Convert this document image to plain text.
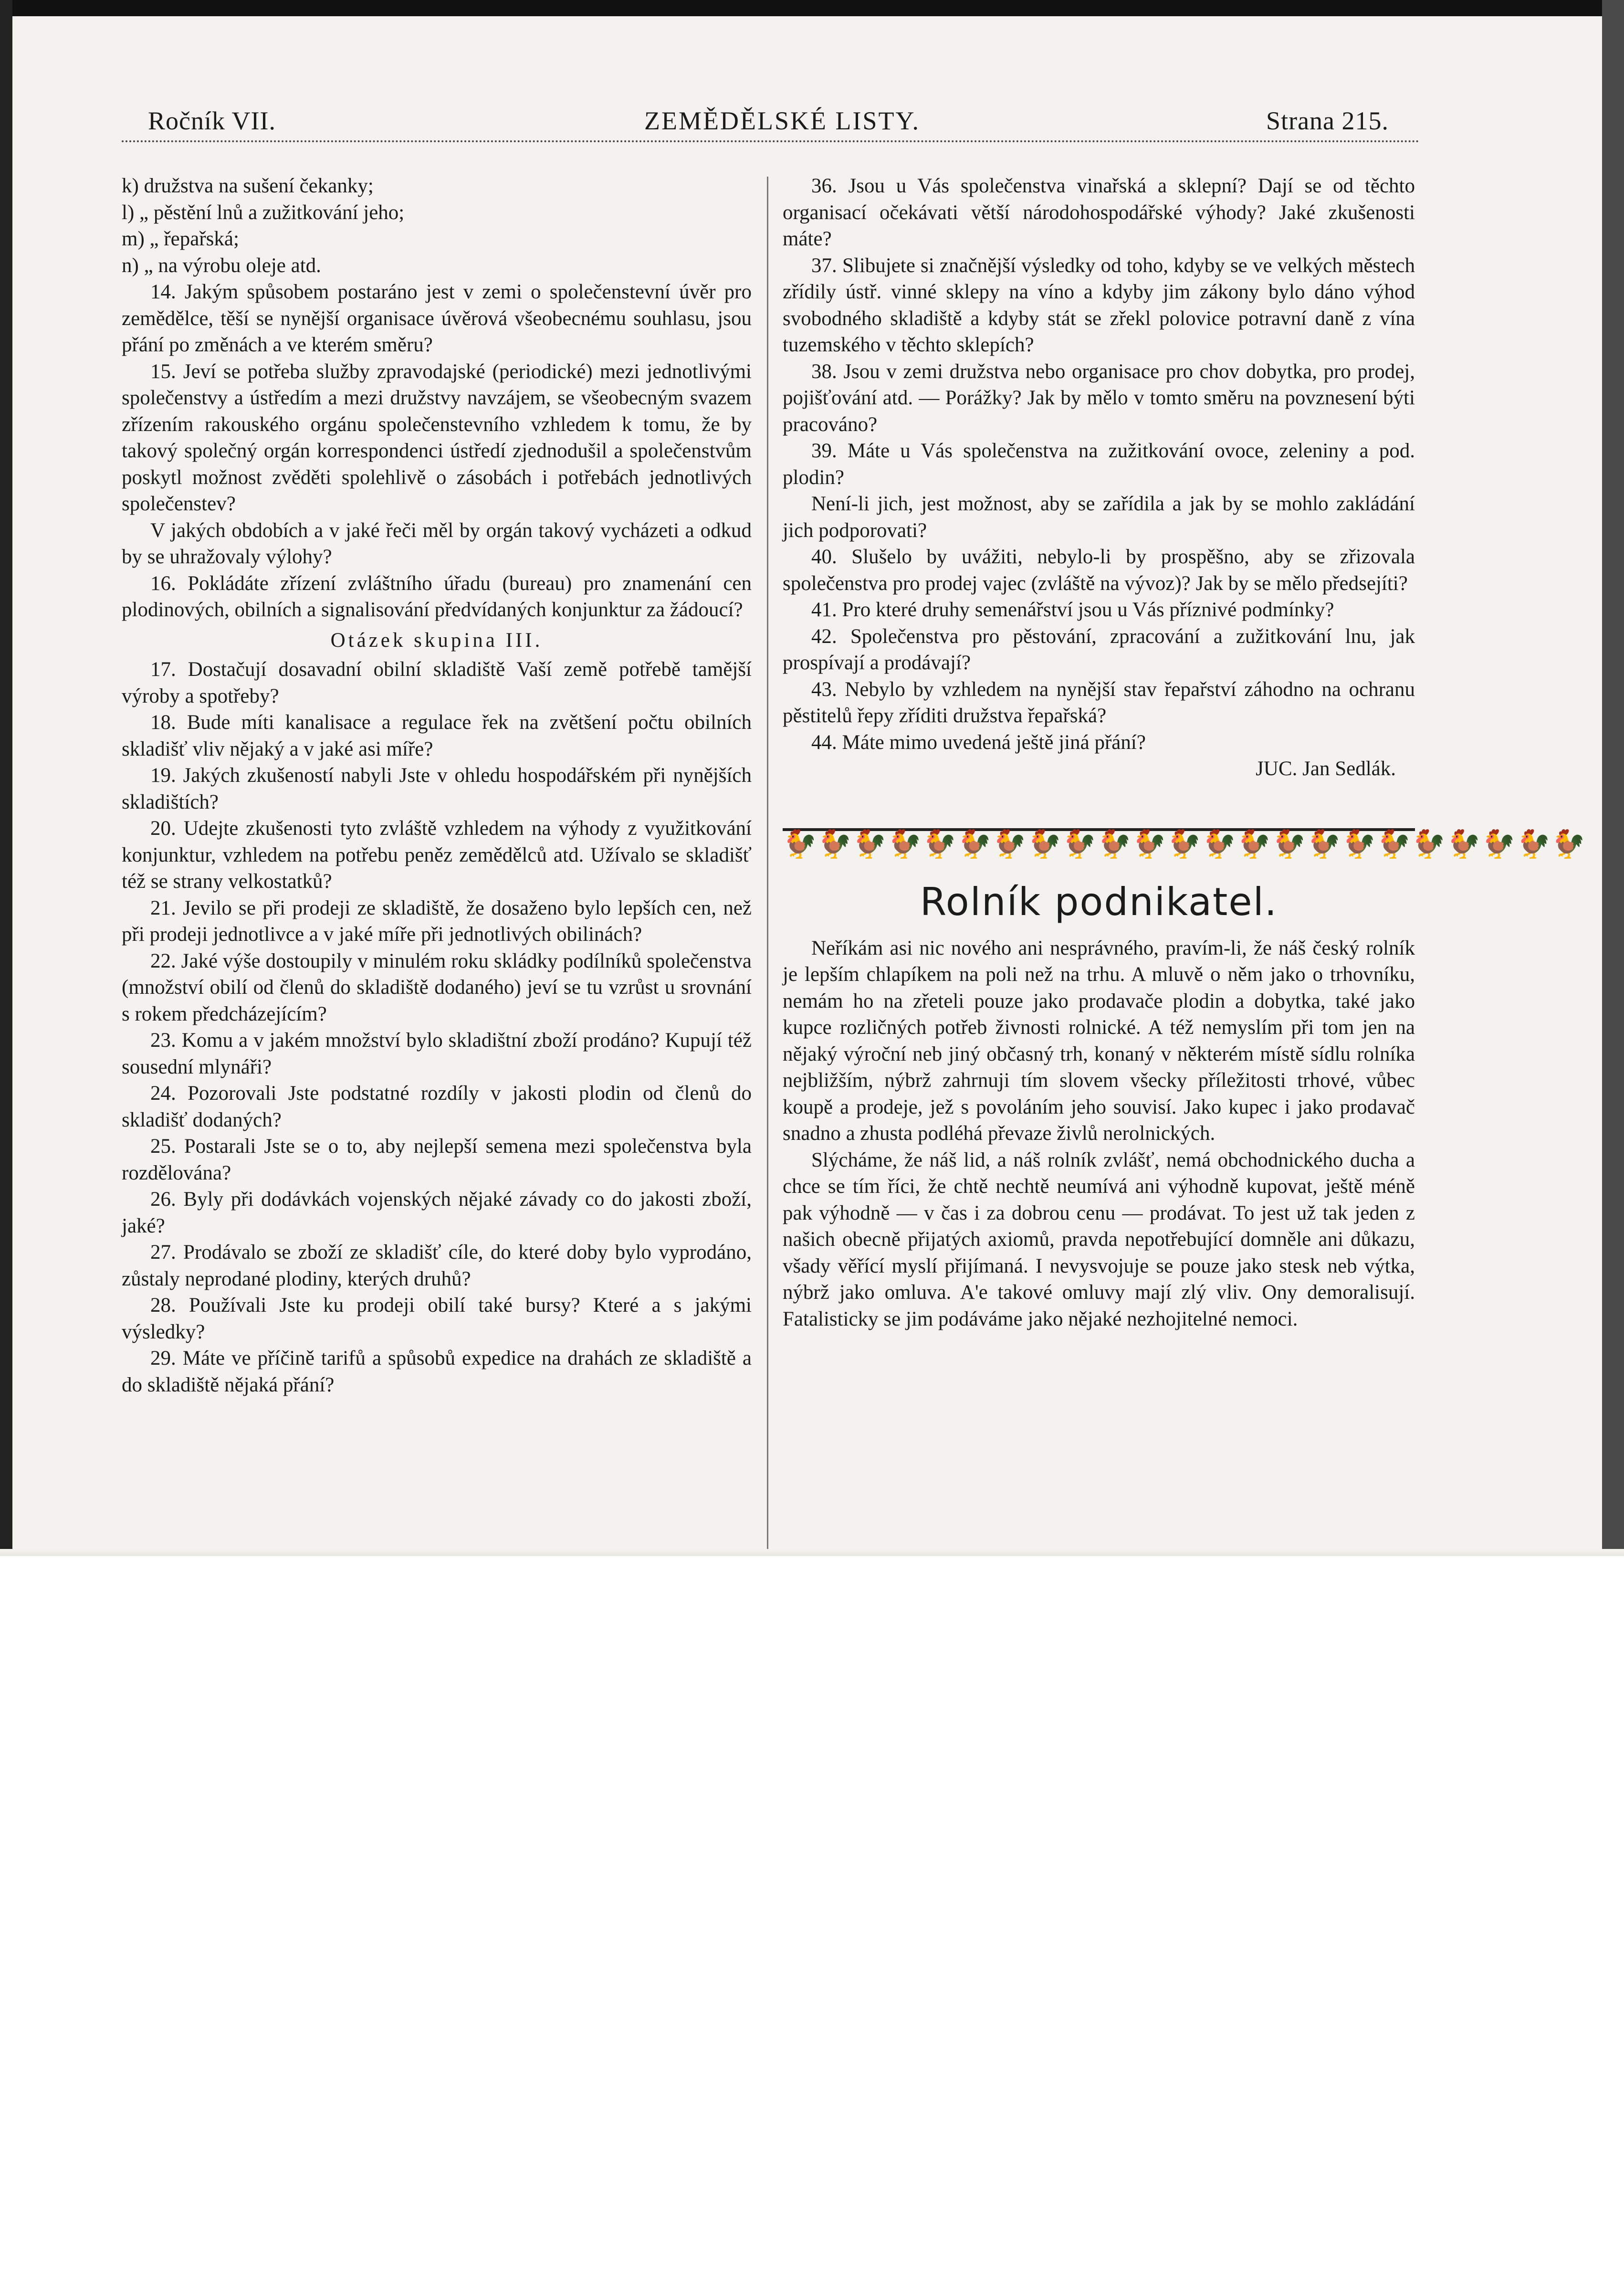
Ročník VII.	ZEMĚDĚLSKÉ LISTY.	Strana 215.

k) družstva na sušení čekanky;

l) „ pěstění lnů a zužitkování jeho;

m) „ řepařská;

n) „ na výrobu oleje atd.

14. Jakým spůsobem postaráno jest v zemi o společenstevní úvěr pro zemědělce, těší se nynější organisace úvěrová všeobecnému souhlasu, jsou přání po změnách a ve kterém směru?

15. Jeví se potřeba služby zpravodajské (periodické) mezi jednotlivými společenstvy a ústředím a mezi družstvy navzájem, se všeobecným svazem zřízením rakouského orgánu společenstevního vzhledem k tomu, že by takový společný orgán korrespondenci ústředí zjednodušil a společenstvům poskytl možnost zvěděti spolehlivě o zásobách i potřebách jednotlivých společenstev?

V jakých obdobích a v jaké řeči měl by orgán takový vycházeti a odkud by se uhražovaly výlohy?

16. Pokládáte zřízení zvláštního úřadu (bureau) pro znamenání cen plodinových, obilních a signalisování předvídaných konjunktur za žádoucí?

Otázek skupina III.

17. Dostačují dosavadní obilní skladiště Vaší země potřebě tamější výroby a spotřeby?

18. Bude míti kanalisace a regulace řek na zvětšení počtu obilních skladišť vliv nějaký a v jaké asi míře?

19. Jakých zkušeností nabyli Jste v ohledu hospodářském při nynějších skladištích?

20. Udejte zkušenosti tyto zvláště vzhledem na výhody z využitkování konjunktur, vzhledem na potřebu peněz zemědělců atd. Užívalo se skladišť též se strany velkostatků?

21. Jevilo se při prodeji ze skladiště, že dosaženo bylo lepších cen, než při prodeji jednotlivce a v jaké míře při jednotlivých obilinách?

22. Jaké výše dostoupily v minulém roku skládky podílníků společenstva (množství obilí od členů do skladiště dodaného) jeví se tu vzrůst u srovnání s rokem předcházejícím?

23. Komu a v jakém množství bylo skladištní zboží prodáno? Kupují též sousední mlynáři?

24. Pozorovali Jste podstatné rozdíly v jakosti plodin od členů do skladišť dodaných?

25. Postarali Jste se o to, aby nejlepší semena mezi společenstva byla rozdělována?

26. Byly při dodávkách vojenských nějaké závady co do jakosti zboží, jaké?

27. Prodávalo se zboží ze skladišť cíle, do které doby bylo vyprodáno, zůstaly neprodané plodiny, kterých druhů?

28. Používali Jste ku prodeji obilí také bursy? Které a s jakými výsledky?

29. Máte ve příčině tarifů a spůsobů expedice na drahách ze skladiště a do skladiště nějaká přání?

36. Jsou u Vás společenstva vinařská a sklepní? Dají se od těchto organisací očekávati větší národohospodářské výhody? Jaké zkušenosti máte?

37. Slibujete si značnější výsledky od toho, kdyby se ve velkých městech zřídily ústř. vinné sklepy na víno a kdyby jim zákony bylo dáno výhod svobodného skladiště a kdyby stát se zřekl polovice potravní daně z vína tuzemského v těchto sklepích?

38. Jsou v zemi družstva nebo organisace pro chov dobytka, pro prodej, pojišťování atd. — Porážky? Jak by mělo v tomto směru na povznesení býti pracováno?

39. Máte u Vás společenstva na zužitkování ovoce, zeleniny a pod. plodin?

Není-li jich, jest možnost, aby se zařídila a jak by se mohlo zakládání jich podporovati?

40. Slušelo by uvážiti, nebylo-li by prospěšno, aby se zřizovala společenstva pro prodej vajec (zvláště na vývoz)? Jak by se mělo předsejíti?

41. Pro které druhy semenářství jsou u Vás příznivé podmínky?

42. Společenstva pro pěstování, zpracování a zužitkování lnu, jak prospívají a prodávají?

43. Nebylo by vzhledem na nynější stav řepařství záhodno na ochranu pěstitelů řepy zříditi družstva řepařská?

44. Máte mimo uvedená ještě jiná přání?

JUC. Jan Sedlák.

🐓🐓🐓🐓🐓🐓🐓🐓🐓🐓🐓🐓🐓🐓🐓🐓🐓🐓🐓🐓🐓🐓🐓

Rolník podnikatel.

Neříkám asi nic nového ani nesprávného, pravím-li, že náš český rolník je lepším chlapíkem na poli než na trhu. A mluvě o něm jako o trhovníku, nemám ho na zřeteli pouze jako prodavače plodin a dobytka, také jako kupce rozličných potřeb živnosti rolnické. A též nemyslím při tom jen na nějaký výroční neb jiný občasný trh, konaný v některém místě sídlu rolníka nejbližším, nýbrž zahrnuji tím slovem všecky příležitosti trhové, vůbec koupě a prodeje, jež s povoláním jeho souvisí. Jako kupec i jako prodavač snadno a zhusta podléhá převaze živlů nerolnických.

Slýcháme, že náš lid, a náš rolník zvlášť, nemá obchodnického ducha a chce se tím říci, že chtě nechtě neumívá ani výhodně kupovat, ještě méně pak výhodně — v čas i za dobrou cenu — prodávat. To jest už tak jeden z našich obecně přijatých axiomů, pravda nepotřebující domněle ani důkazu, všady věřící myslí přijímaná. I nevysvojuje se pouze jako stesk neb výtka, nýbrž jako omluva. A'e takové omluvy mají zlý vliv. Ony demoralisují. Fatalisticky se jim podáváme jako nějaké nezhojitelné nemoci.
